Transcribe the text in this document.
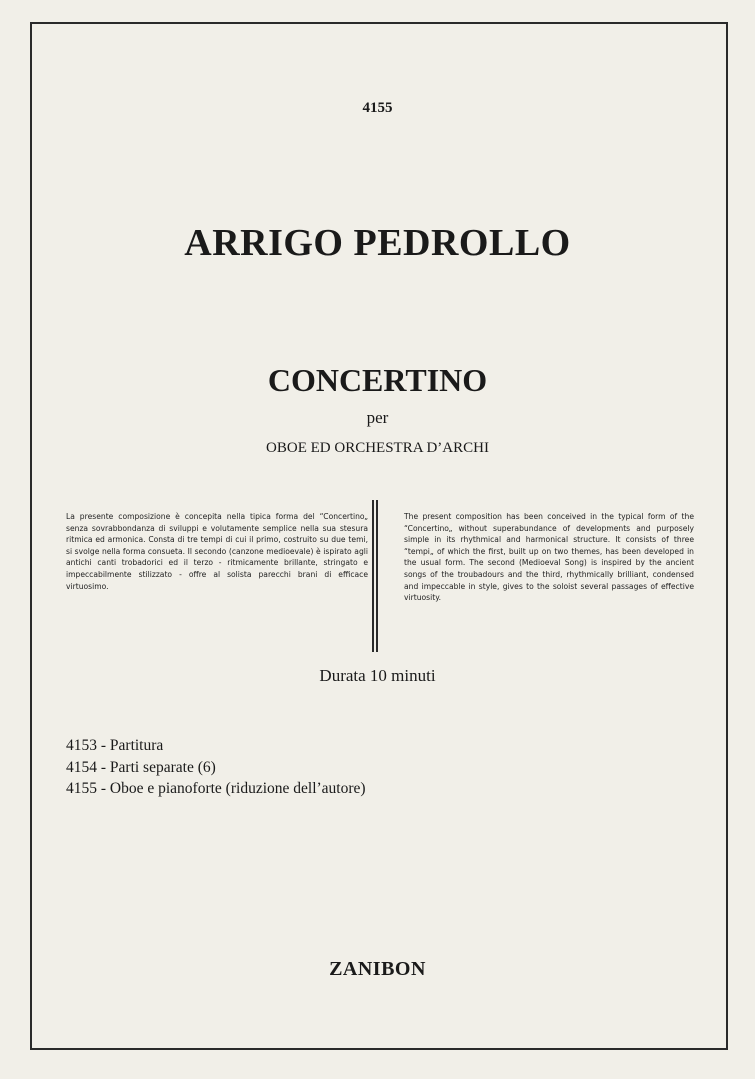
4155
ARRIGO PEDROLLO
CONCERTINO
per
OBOE ED ORCHESTRA D’ARCHI
La presente composizione è concepita nella tipica forma del “Concertino„ senza sovrabbondanza di sviluppi e volutamente semplice nella sua stesura ritmica ed armonica. Consta di tre tempi di cui il primo, costruito su due temi, si svolge nella forma consueta. Il secondo (canzone medioevale) è ispirato agli antichi canti trobadorici ed il terzo - ritmicamente brillante, stringato e impeccabilmente stilizzato - offre al solista parecchi brani di efficace virtuosimo.
The present composition has been conceived in the typical form of the “Concertino„ without superabundance of developments and purposely simple in its rhythmical and harmonical structure. It consists of three “tempi„ of which the first, built up on two themes, has been developed in the usual form. The second (Medioeval Song) is inspired by the ancient songs of the troubadours and the third, rhythmically brilliant, condensed and impeccable in style, gives to the soloist several passages of effective virtuosity.
Durata 10 minuti
4153 - Partitura
4154 - Parti separate (6)
4155 - Oboe e pianoforte (riduzione dell’autore)
ZANIBON
